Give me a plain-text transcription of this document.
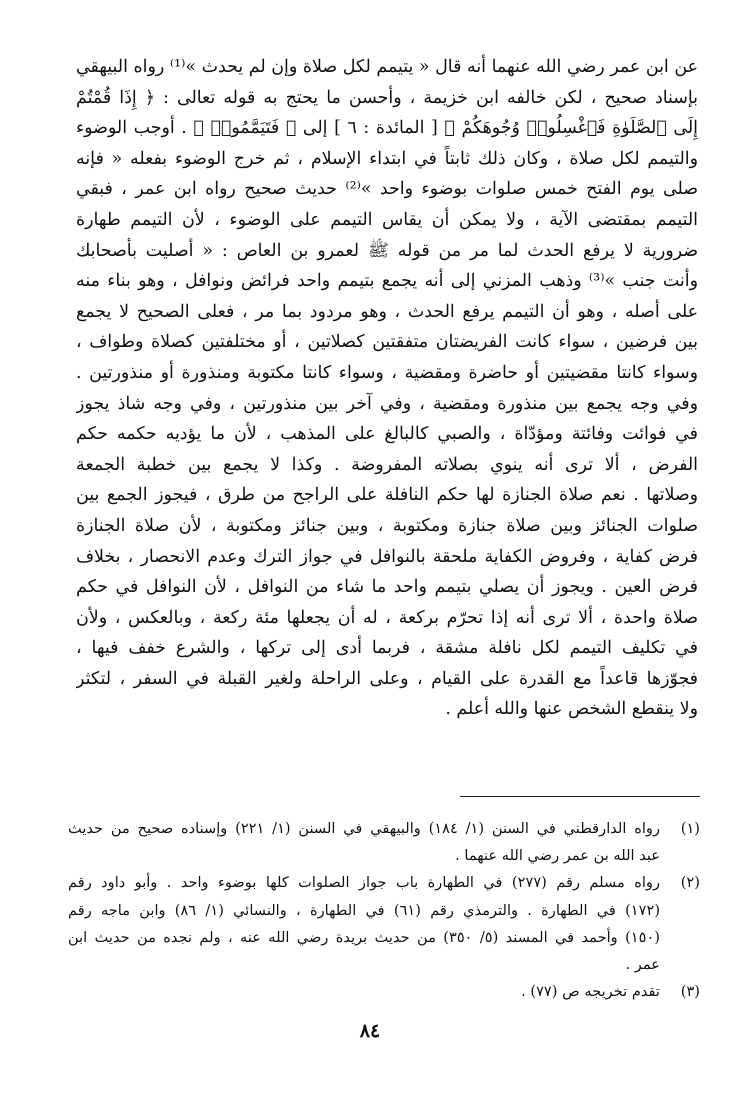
عن ابن عمر رضي الله عنهما أنه قال « يتيمم لكل صلاة وإن لم يحدث »⁽¹⁾ رواه البيهقي
بإسناد صحيح ، لكن خالفه ابن خزيمة ، وأحسن ما يحتج به قوله تعالى : ﴿ إِذَا قُمْتُمْ
إِلَى ٱلصَّلَوٰةِ فَٱغْسِلُوا۟ وُجُوهَكُمْ ﴾ [ المائدة : ٦ ] إلى ﴿ فَتَيَمَّمُوا۟ ﴾ . أوجب الوضوء
والتيمم لكل صلاة ، وكان ذلك ثابتاً في ابتداء الإسلام ، ثم خرج الوضوء بفعله « فإنه
صلى يوم الفتح خمس صلوات بوضوء واحد »⁽²⁾ حديث صحيح رواه ابن عمر ، فبقي
التيمم بمقتضى الآية ، ولا يمكن أن يقاس التيمم على الوضوء ، لأن التيمم طهارة
ضرورية لا يرفع الحدث لما مر من قوله ﷺ لعمرو بن العاص : « أصليت بأصحابك
وأنت جنب »⁽³⁾ وذهب المزني إلى أنه يجمع بتيمم واحد فرائض ونوافل ، وهو بناء منه
على أصله ، وهو أن التيمم يرفع الحدث ، وهو مردود بما مر ، فعلى الصحيح لا يجمع
بين فرضين ، سواء كانت الفريضتان متفقتين كصلاتين ، أو مختلفتين كصلاة وطواف ،
وسواء كانتا مقضيتين أو حاضرة ومقضية ، وسواء كانتا مكتوبة ومنذورة أو منذورتين .
وفي وجه يجمع بين منذورة ومقضية ، وفي آخر بين منذورتين ، وفي وجه شاذ يجوز
في فوائت وفائتة ومؤدّاة ، والصبي كالبالغ على المذهب ، لأن ما يؤديه حكمه حكم
الفرض ، ألا ترى أنه ينوي بصلاته المفروضة . وكذا لا يجمع بين خطبة الجمعة
وصلاتها . نعم صلاة الجنازة لها حكم النافلة على الراجح من طرق ، فيجوز الجمع بين
صلوات الجنائز وبين صلاة جنازة ومكتوبة ، وبين جنائز ومكتوبة ، لأن صلاة الجنازة
فرض كفاية ، وفروض الكفاية ملحقة بالنوافل في جواز الترك وعدم الانحصار ، بخلاف
فرض العين . ويجوز أن يصلي بتيمم واحد ما شاء من النوافل ، لأن النوافل في حكم
صلاة واحدة ، ألا ترى أنه إذا تحرّم بركعة ، له أن يجعلها مئة ركعة ، وبالعكس ، ولأن
في تكليف التيمم لكل نافلة مشقة ، فربما أدى إلى تركها ، والشرع خفف فيها ،
فجوّزها قاعداً مع القدرة على القيام ، وعلى الراحلة ولغير القبلة في السفر ، لتكثر
ولا ينقطع الشخص عنها والله أعلم .
(١)
رواه الدارقطني في السنن (١/ ١٨٤) والبيهقي في السنن (١/ ٢٢١) وإسناده صحيح من حديث
عبد الله بن عمر رضي الله عنهما .
(٢)
رواه مسلم رقم (٢٧٧) في الطهارة باب جواز الصلوات كلها بوضوء واحد . وأبو داود رقم
(١٧٢) في الطهارة . والترمذي رقم (٦١) في الطهارة ، والنسائي (١/ ٨٦) وابن ماجه رقم
(١٥٠) وأحمد في المسند (٥/ ٣٥٠) من حديث بريدة رضي الله عنه ، ولم نجده من حديث ابن
عمر .
(٣)
تقدم تخريجه ص (٧٧) .
٨٤
